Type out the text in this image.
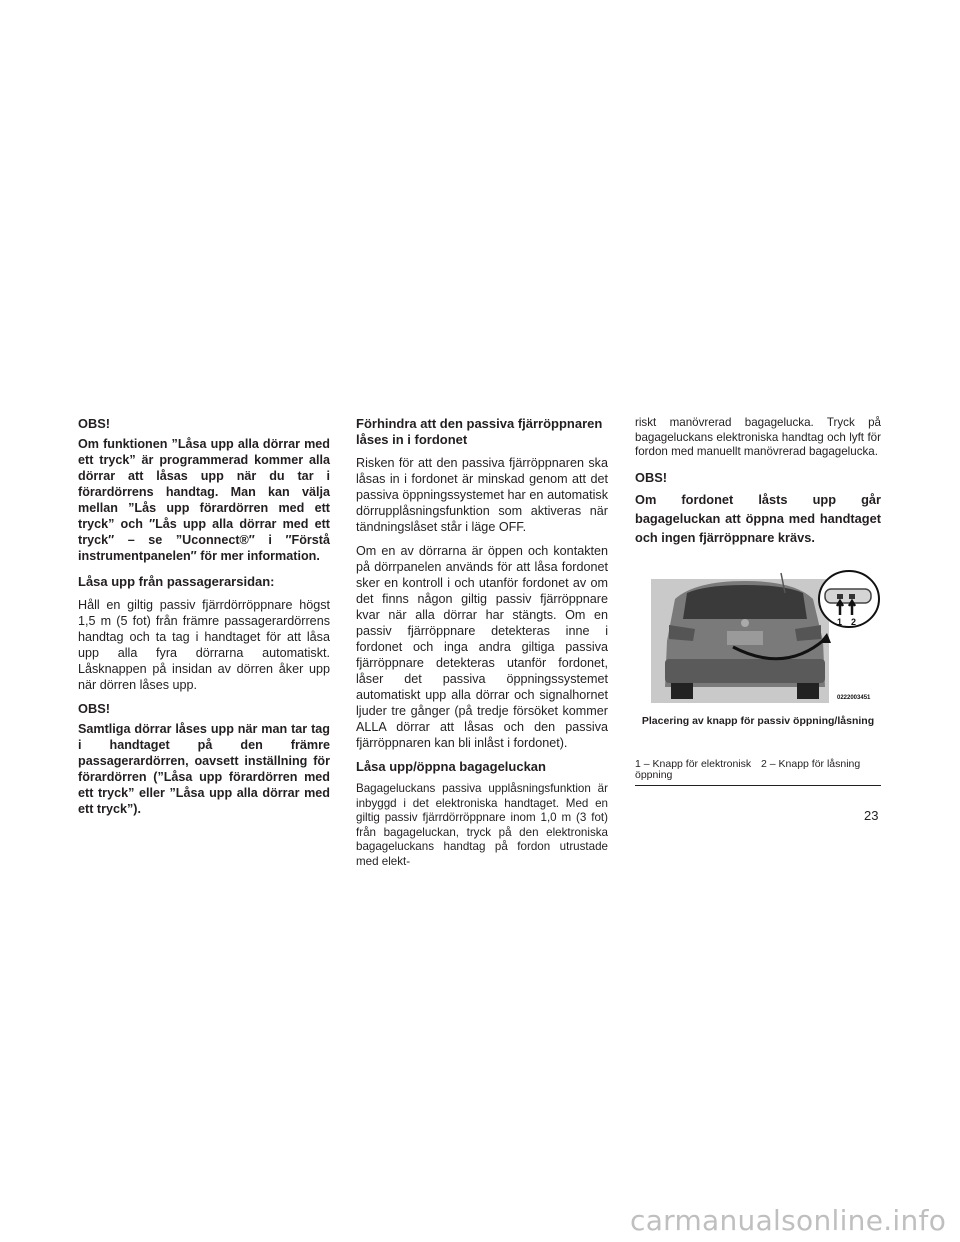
OBS!

Om funktionen ”Låsa upp alla dörrar med ett tryck” är programmerad kommer alla dörrar att låsas upp när du tar i förardörrens handtag. Man kan välja mellan ”Lås upp förardörren med ett tryck” och ″Lås upp alla dörrar med ett tryck″ – se ”Uconnect®″ i ″Förstå instrumentpanelen″ för mer information.

Låsa upp från passagerarsidan:

Håll en giltig passiv fjärrdörröppnare högst 1,5 m (5 fot) från främre passagerardörrens handtag och ta tag i handtaget för att låsa upp alla fyra dörrarna automatiskt. Låsknappen på insidan av dörren åker upp när dörren låses upp.

OBS!

Samtliga dörrar låses upp när man tar tag i handtaget på den främre passagerardörren, oavsett inställning för förardörren (”Låsa upp förardörren med ett tryck” eller ”Låsa upp alla dörrar med ett tryck”).

Förhindra att den passiva fjärröppnaren låses in i fordonet

Risken för att den passiva fjärröppnaren ska låsas in i fordonet är minskad genom att det passiva öppningssystemet har en automatisk dörrupplåsningsfunktion som aktiveras när tändningslåset står i läge OFF.

Om en av dörrarna är öppen och kontakten på dörrpanelen används för att låsa fordonet sker en kontroll i och utanför fordonet av om det finns någon giltig passiv fjärröppnare kvar när alla dörrar har stängts. Om en passiv fjärröppnare detekteras inne i fordonet och inga andra giltiga passiva fjärröppnare detekteras utanför fordonet, låser det passiva öppningssystemet automatiskt upp alla dörrar och signalhornet ljuder tre gånger (på tredje försöket kommer ALLA dörrar att låsas och den passiva fjärröppnaren kan bli inlåst i fordonet).

Låsa upp/öppna bagageluckan

Bagageluckans passiva upplåsningsfunktion är inbyggd i det elektroniska handtaget. Med en giltig passiv fjärrdörröppnare inom 1,0 m (3 fot) från bagageluckan, tryck på den elektroniska bagageluckans handtag på fordon utrustade med elekt-

riskt manövrerad bagagelucka. Tryck på bagageluckans elektroniska handtag och lyft för fordon med manuellt manövrerad bagagelucka.

OBS!

Om fordonet låsts upp går bagageluckan att öppna med handtaget och ingen fjärröppnare krävs.

1 2
0222003451
Placering av knapp för passiv öppning/låsning
1 – Knapp för elektronisk öppning
2 – Knapp för låsning
23
carmanualsonline.info
